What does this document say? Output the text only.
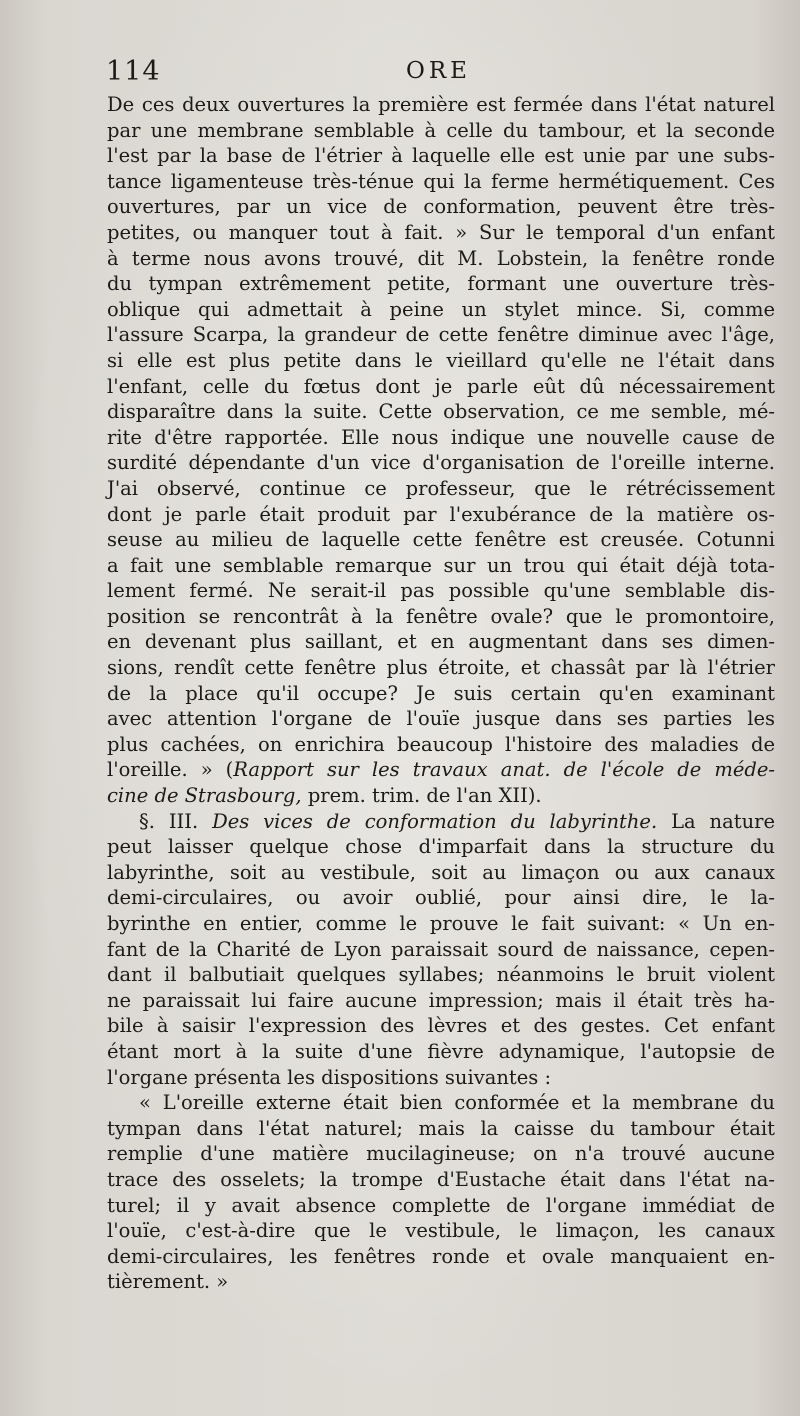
114	ORE
De ces deux ouvertures la première est fermée dans l'état naturel
par une membrane semblable à celle du tambour, et la seconde
l'est par la base de l'étrier à laquelle elle est unie par une subs-
tance ligamenteuse très-ténue qui la ferme hermétiquement. Ces
ouvertures, par un vice de conformation, peuvent être très-
petites, ou manquer tout à fait. » Sur le temporal d'un enfant
à terme nous avons trouvé, dit M. Lobstein, la fenêtre ronde
du tympan extrêmement petite, formant une ouverture très-
oblique qui admettait à peine un stylet mince. Si, comme
l'assure Scarpa, la grandeur de cette fenêtre diminue avec l'âge,
si elle est plus petite dans le vieillard qu'elle ne l'était dans
l'enfant, celle du fœtus dont je parle eût dû nécessairement
disparaître dans la suite. Cette observation, ce me semble, mé-
rite d'être rapportée. Elle nous indique une nouvelle cause de
surdité dépendante d'un vice d'organisation de l'oreille interne.
J'ai observé, continue ce professeur, que le rétrécissement
dont je parle était produit par l'exubérance de la matière os-
seuse au milieu de laquelle cette fenêtre est creusée. Cotunni
a fait une semblable remarque sur un trou qui était déjà tota-
lement fermé. Ne serait-il pas possible qu'une semblable dis-
position se rencontrât à la fenêtre ovale? que le promontoire,
en devenant plus saillant, et en augmentant dans ses dimen-
sions, rendît cette fenêtre plus étroite, et chassât par là l'étrier
de la place qu'il occupe? Je suis certain qu'en examinant
avec attention l'organe de l'ouïe jusque dans ses parties les
plus cachées, on enrichira beaucoup l'histoire des maladies de
l'oreille. » (Rapport sur les travaux anat. de l'école de méde-
cine de Strasbourg, prem. trim. de l'an XII).
§. III. Des vices de conformation du labyrinthe. La nature
peut laisser quelque chose d'imparfait dans la structure du
labyrinthe, soit au vestibule, soit au limaçon ou aux canaux
demi-circulaires, ou avoir oublié, pour ainsi dire, le la-
byrinthe en entier, comme le prouve le fait suivant: « Un en-
fant de la Charité de Lyon paraissait sourd de naissance, cepen-
dant il balbutiait quelques syllabes; néanmoins le bruit violent
ne paraissait lui faire aucune impression; mais il était très ha-
bile à saisir l'expression des lèvres et des gestes. Cet enfant
étant mort à la suite d'une fièvre adynamique, l'autopsie de
l'organe présenta les dispositions suivantes :
« L'oreille externe était bien conformée et la membrane du
tympan dans l'état naturel; mais la caisse du tambour était
remplie d'une matière mucilagineuse; on n'a trouvé aucune
trace des osselets; la trompe d'Eustache était dans l'état na-
turel; il y avait absence complette de l'organe immédiat de
l'ouïe, c'est-à-dire que le vestibule, le limaçon, les canaux
demi-circulaires, les fenêtres ronde et ovale manquaient en-
tièrement. »
